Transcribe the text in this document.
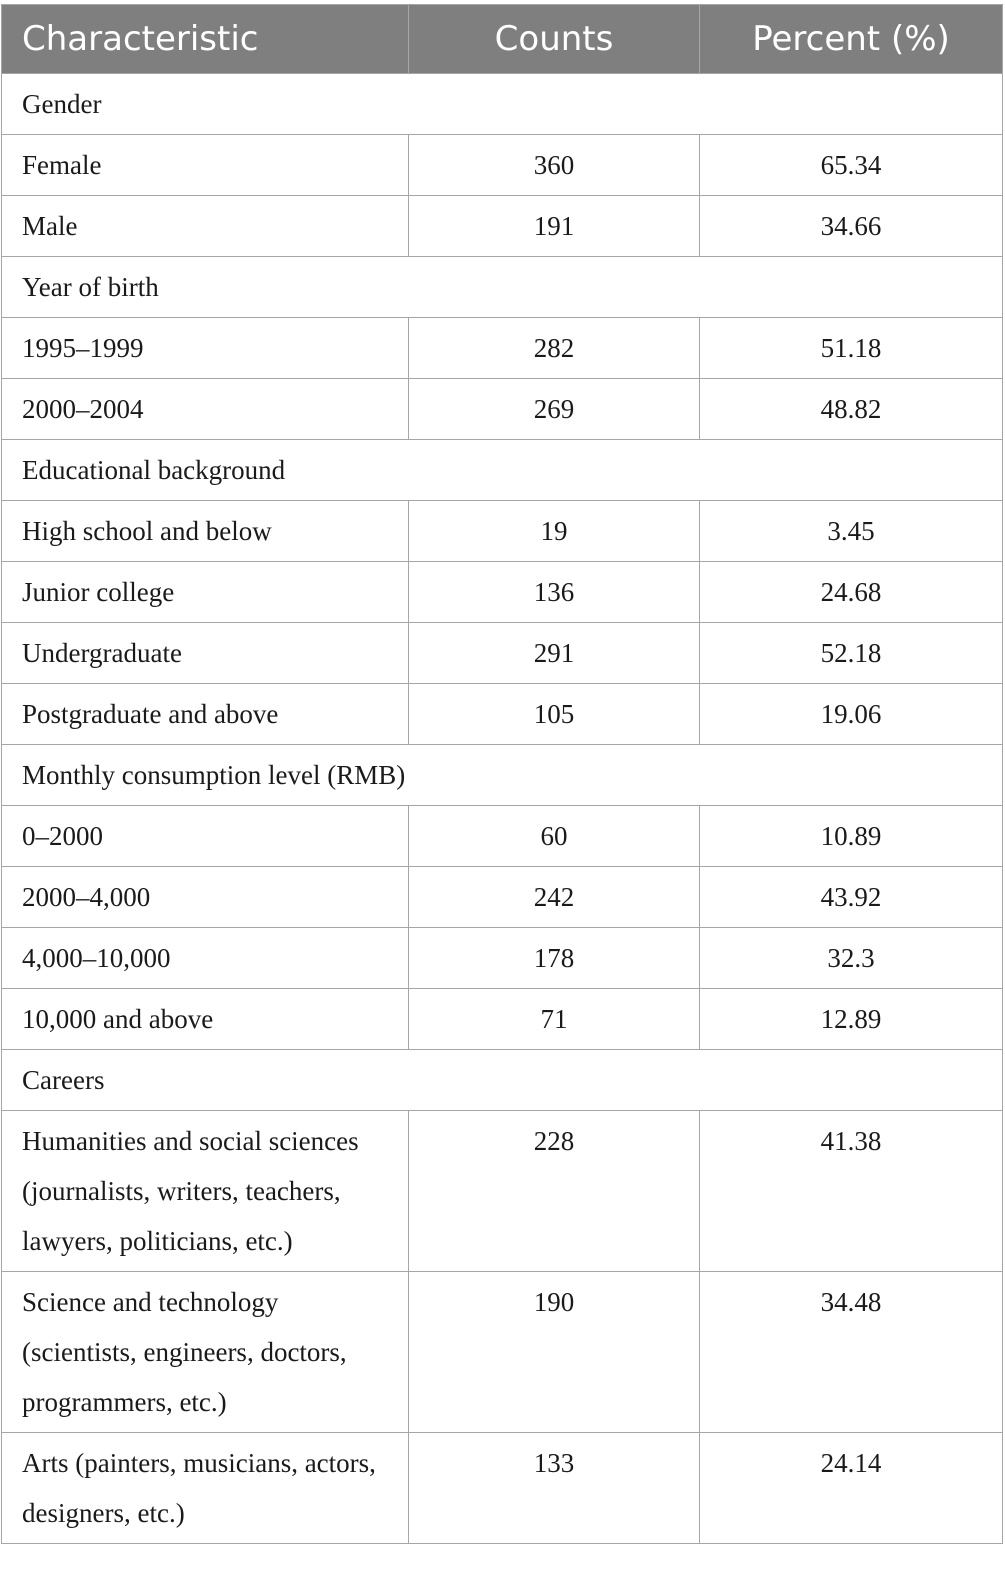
Characteristic	Counts	Percent (%)
Gender		
Female	360	65.34
Male	191	34.66
Year of birth		
1995–1999	282	51.18
2000–2004	269	48.82
Educational background		
High school and below	19	3.45
Junior college	136	24.68
Undergraduate	291	52.18
Postgraduate and above	105	19.06
Monthly consumption level (RMB)		
0–2000	60	10.89
2000–4,000	242	43.92
4,000–10,000	178	32.3
10,000 and above	71	12.89
Careers		
Humanities and social sciences (journalists, writers, teachers, lawyers, politicians, etc.)	228	41.38
Science and technology (scientists, engineers, doctors, programmers, etc.)	190	34.48
Arts (painters, musicians, actors, designers, etc.)	133	24.14
